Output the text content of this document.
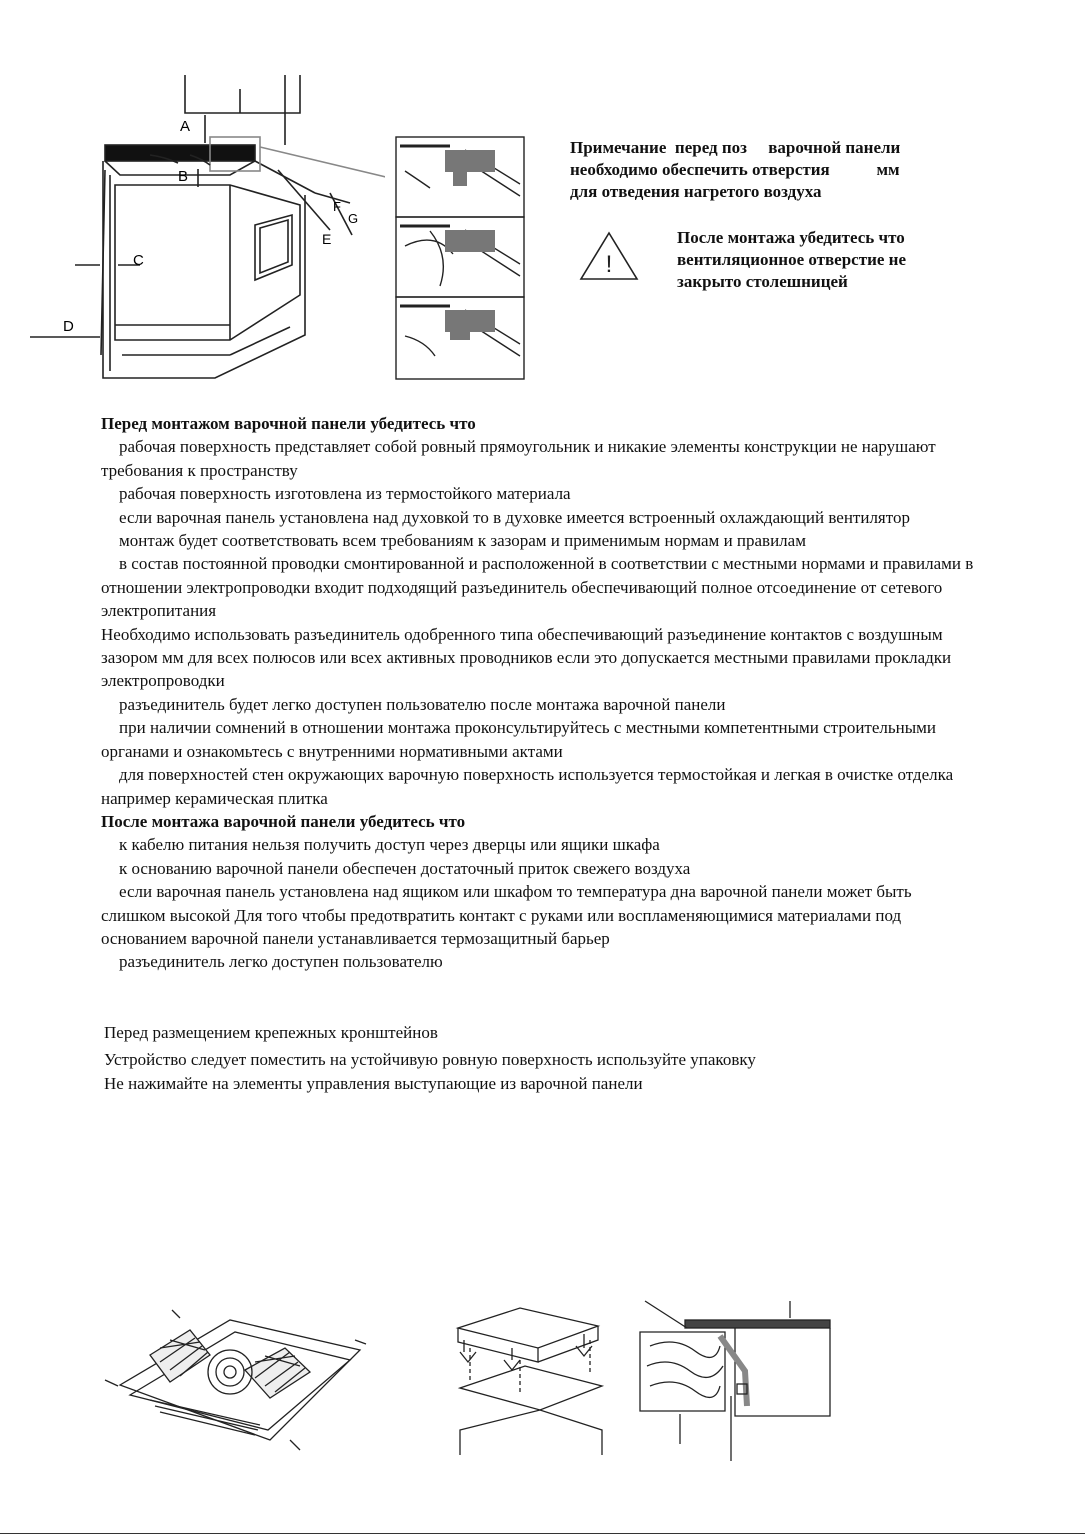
A
B
C
D
E
F
G
Примечание  перед поз     варочной панели
необходимо обеспечить отверстия           мм
для отведения нагретого воздуха
!
После монтажа убедитесь что
вентиляционное отверстие не
закрыто столешницей

Перед монтажом варочной панели убедитесь что

рабочая поверхность представляет собой ровный прямоугольник и никакие элементы конструкции не нарушают требования к пространству

рабочая поверхность изготовлена из термостойкого материала

если варочная панель установлена над духовкой то в духовке имеется встроенный охлаждающий вентилятор

монтаж будет соответствовать всем требованиям к зазорам и применимым нормам и правилам

в состав постоянной проводки смонтированной и расположенной в соответствии с местными нормами и правилами в отношении электропроводки входит подходящий разъединитель обеспечивающий полное отсоединение от сетевого электропитания

Необходимо использовать разъединитель одобренного типа обеспечивающий разъединение контактов с воздушным зазором мм для всех полюсов или всех активных проводников если это допускается местными правилами прокладки электропроводки

разъединитель будет легко доступен пользователю после монтажа варочной панели

при наличии сомнений в отношении монтажа проконсультируйтесь с местными компетентными строительными органами и ознакомьтесь с внутренними нормативными актами

для поверхностей стен окружающих варочную поверхность используется термостойкая и легкая в очистке отделка например керамическая плитка

После монтажа варочной панели убедитесь что

к кабелю питания нельзя получить доступ через дверцы или ящики шкафа

к основанию варочной панели обеспечен достаточный приток свежего воздуха

если варочная панель установлена над ящиком или шкафом то температура дна варочной панели может быть слишком высокой Для того чтобы предотвратить контакт с руками или воспламеняющимися материалами под основанием варочной панели устанавливается термозащитный барьер

разъединитель легко доступен пользователю

Перед размещением крепежных кронштейнов

Устройство следует поместить на устойчивую ровную поверхность используйте упаковку

Не нажимайте на элементы управления выступающие из варочной панели
